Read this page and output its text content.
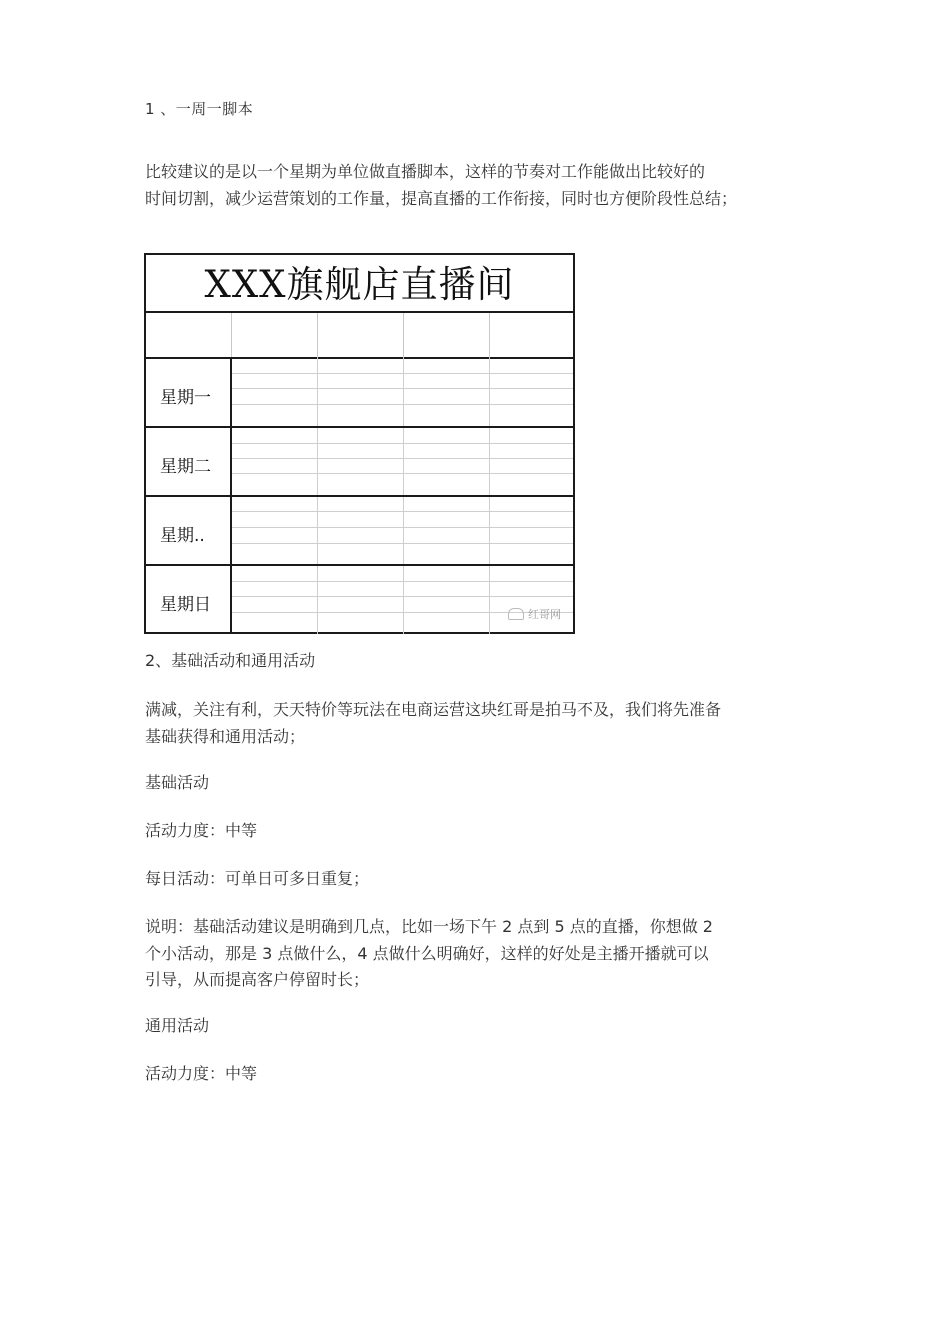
1 、一周一脚本
比较建议的是以一个星期为单位做直播脚本，这样的节奏对工作能做出比较好的
时间切割，减少运营策划的工作量，提高直播的工作衔接，同时也方便阶段性总结；
XXX旗舰店直播间
星期一
星期二
星期..
星期日	红哥网
2、基础活动和通用活动
满减，关注有利，天天特价等玩法在电商运营这块红哥是拍马不及，我们将先准备
基础获得和通用活动；
基础活动
活动力度：中等
每日活动：可单日可多日重复；
说明：基础活动建议是明确到几点，比如一场下午 2 点到 5 点的直播，你想做 2
个小活动，那是 3 点做什么，4 点做什么明确好，这样的好处是主播开播就可以
引导，从而提高客户停留时长；
通用活动
活动力度：中等
